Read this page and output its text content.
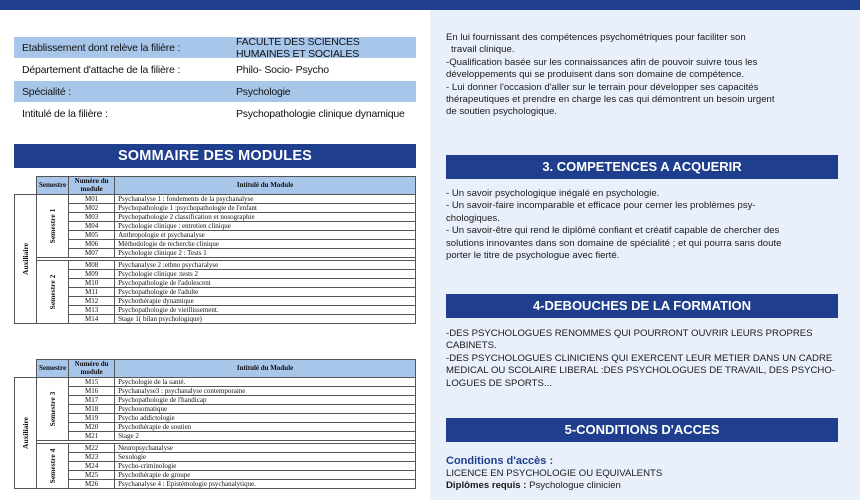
Etablissement dont relève la filière :	FACULTE DES SCIENCES HUMAINES ET SOCIALES
Département d'attache de la filière :	Philo- Socio- Psycho
Spécialité :	Psychologie
Intitulé de la filière :	Psychopathologie clinique dynamique
SOMMAIRE DES MODULES
	Semestre	Numéro du module	Intitulé du Module

Auxiliaire	Semestre 1	M01	Psychanalyse 1 : fondements de la psychanalyse
		M02	Psychopathologie 1 :psychopathologie de l'enfant
		M03	Psychopathologie 2 classification et nosographie
		M04	Psychologie clinique : entretien clinique
		M05	Anthropologie et psychanalyse
		M06	Méthodologie de recherche clinique
		M07	Psychologie clinique 2 : Tests 1

	Semestre 2	M08	Psychanalyse 2 :ethno psycharalyse
		M09	Psychologie clinique :tests 2
		M10	Psychopathologie de l'adolescent
		M11	Psychopathologie de l'adulte
		M12	Psychothérapie dynamique
		M13	Psychopathologie de vieillissement.
		M14	Stage 1( bilan psychologique)
	Semestre	Numéro du module	Intitulé du Module

Auxiliaire	Semestre 3	M15	Psychologie de la santé.
		M16	Psychanalyse3 : psychanalyse contemporaine
		M17	Psychopathologie de l'handicap
		M18	Psychosomatique
		M19	Psycho addictologie
		M20	Psychothérapie de soutien
		M21	Stage 2

	Semestre 4	M22	Neuropsychanalyse
		M23	Sexologie
		M24	Psycho-criminologie
		M25	Psychothérapie de groupe
		M26	Psychanalyse 4 : Epistémologie psychanalytique.
En lui fournissant des compétences psychométriques pour faciliter son
travail clinique.
-Qualification basée sur les connaissances afin de pouvoir suivre tous les
développements qui se produisent dans son domaine de compétence.
- Lui donner l'occasion d'aller sur le terrain pour développer ses capacités
thérapeutiques et prendre en charge les cas qui démontrent un besoin urgent
de soutien psychologique.
3. COMPETENCES A ACQUERIR
- Un savoir psychologique inégalé en psychologie.
- Un savoir-faire incomparable et efficace pour cerner les problèmes psy-
chologiques.
- Un savoir-être qui rend le diplômé confiant et créatif capable de chercher des
solutions innovantes dans son domaine de spécialité ; et qui pourra sans doute
porter le titre de psychologue avec fierté.
4-DEBOUCHES DE LA FORMATION
-DES PSYCHOLOGUES RENOMMES QUI POURRONT OUVRIR LEURS PROPRES
CABINETS.
-DES PSYCHOLOGUES CLINICIENS QUI EXERCENT LEUR METIER DANS UN CADRE
MEDICAL OU SCOLAIRE LIBERAL :DES PSYCHOLOGUES DE TRAVAIL, DES PSYCHO-
LOGUES DE SPORTS...
5-CONDITIONS D'ACCES
Conditions d'accès :
LICENCE EN PSYCHOLOGIE OU EQUIVALENTS
Diplômes requis : Psychologue clinicien
